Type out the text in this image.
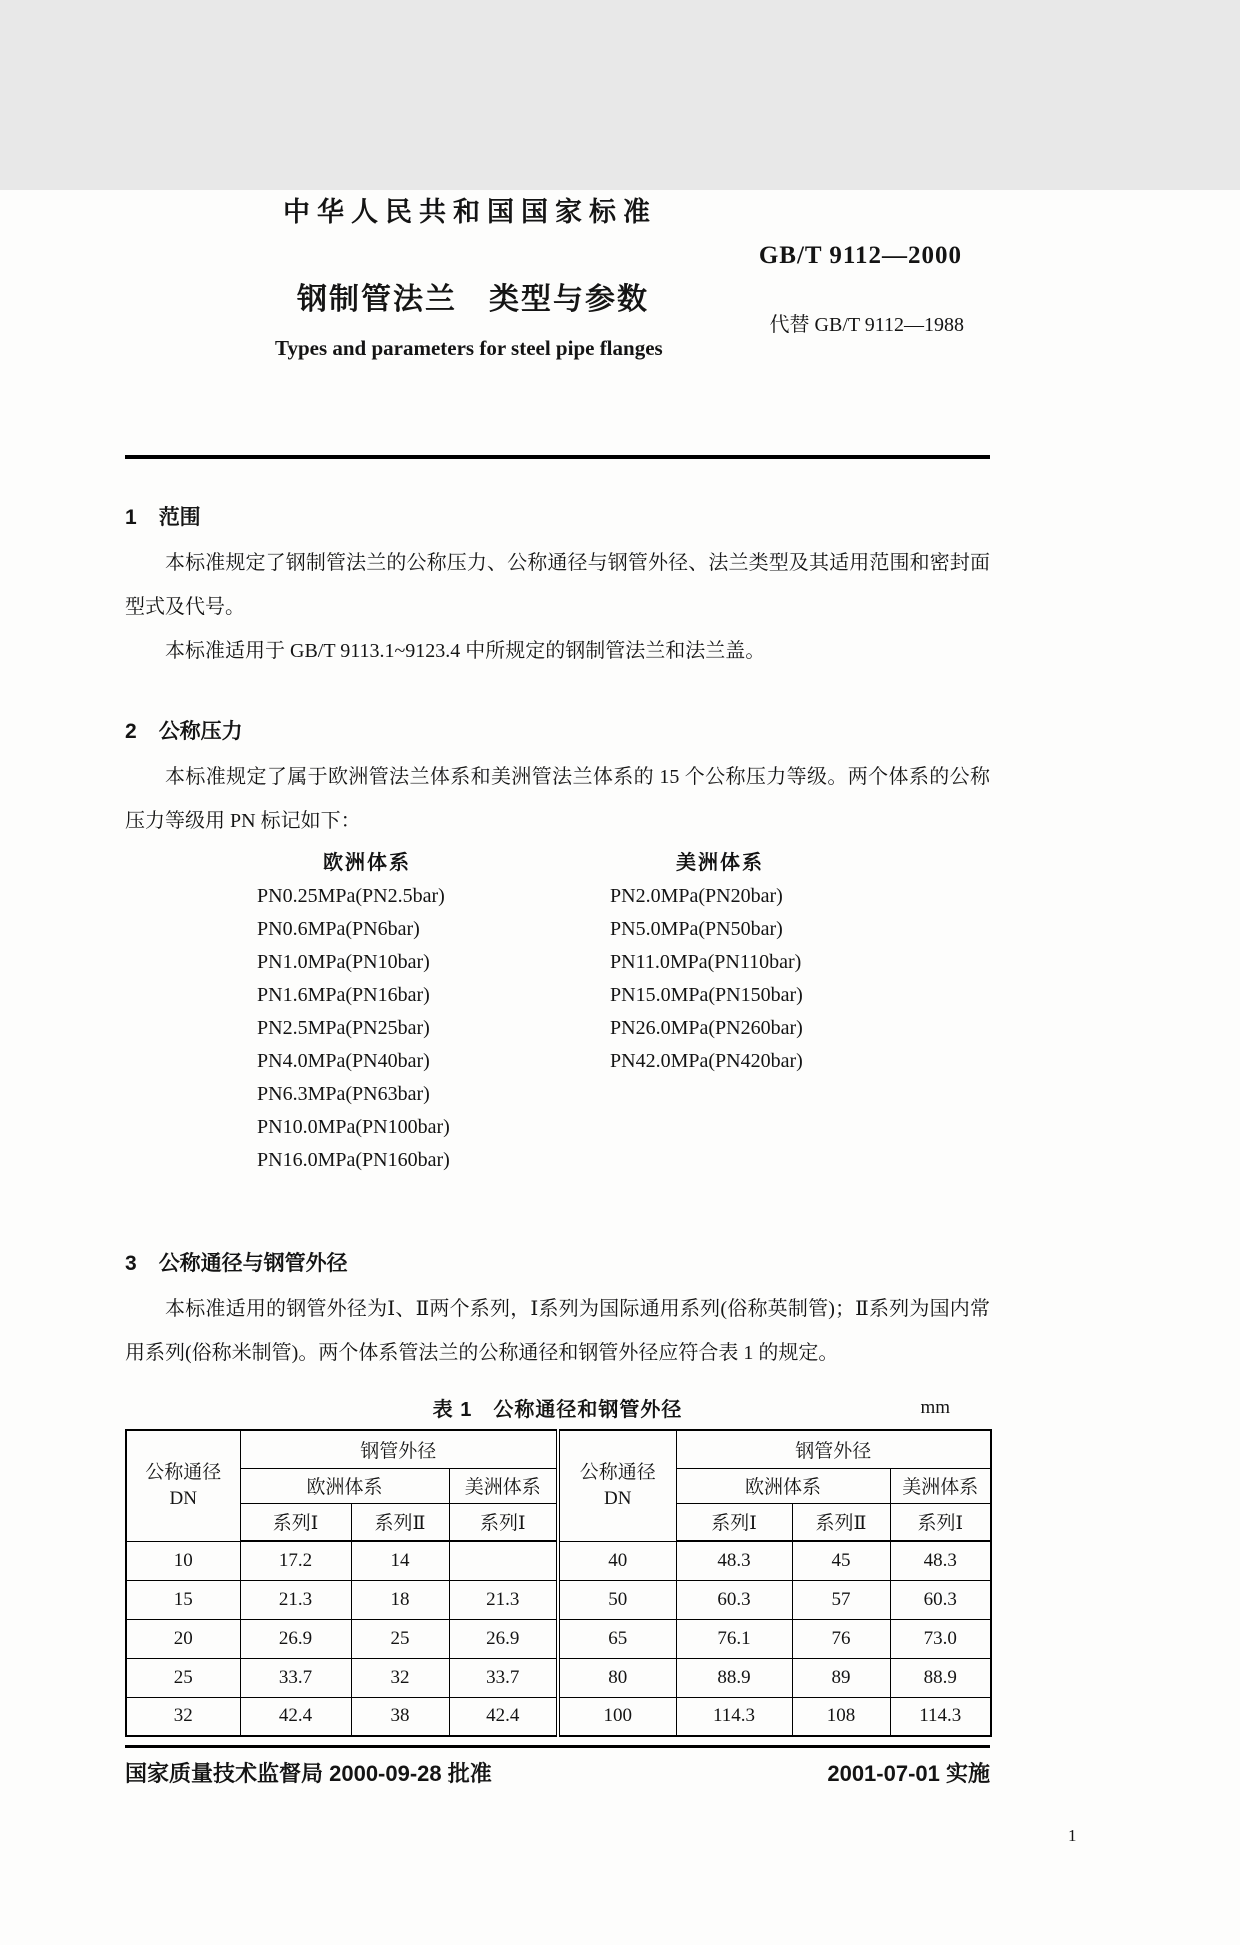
中华人民共和国国家标准
GB/T 9112—2000
钢制管法兰　类型与参数
代替 GB/T 9112—1988
Types and parameters for steel pipe flanges
1 范围

本标准规定了钢制管法兰的公称压力、公称通径与钢管外径、法兰类型及其适用范围和密封面型式及代号。

本标准适用于 GB/T 9113.1~9123.4 中所规定的钢制管法兰和法兰盖。

2 公称压力

本标准规定了属于欧洲管法兰体系和美洲管法兰体系的 15 个公称压力等级。两个体系的公称压力等级用 PN 标记如下：

欧洲体系
PN0.25MPa(PN2.5bar)
PN0.6MPa(PN6bar)
PN1.0MPa(PN10bar)
PN1.6MPa(PN16bar)
PN2.5MPa(PN25bar)
PN4.0MPa(PN40bar)
PN6.3MPa(PN63bar)
PN10.0MPa(PN100bar)
PN16.0MPa(PN160bar)
美洲体系
PN2.0MPa(PN20bar)
PN5.0MPa(PN50bar)
PN11.0MPa(PN110bar)
PN15.0MPa(PN150bar)
PN26.0MPa(PN260bar)
PN42.0MPa(PN420bar)
3 公称通径与钢管外径

本标准适用的钢管外径为Ⅰ、Ⅱ两个系列，Ⅰ系列为国际通用系列(俗称英制管)；Ⅱ系列为国内常用系列(俗称米制管)。两个体系管法兰的公称通径和钢管外径应符合表 1 的规定。

表 1　公称通径和钢管外径	mm
公称通径
DN
	钢管外径	
公称通径
DN
	钢管外径
	欧洲体系		美洲体系		欧洲体系		美洲体系
	系列Ⅰ	系列Ⅱ	系列Ⅰ		系列Ⅰ	系列Ⅱ	系列Ⅰ
10	17.2	14		40	48.3	45	48.3
15	21.3	18	21.3	50	60.3	57	60.3
20	26.9	25	26.9	65	76.1	76	73.0
25	33.7	32	33.7	80	88.9	89	88.9
32	42.4	38	42.4	100	114.3	108	114.3
国家质量技术监督局 2000-09-28 批准	2001-07-01 实施
1
